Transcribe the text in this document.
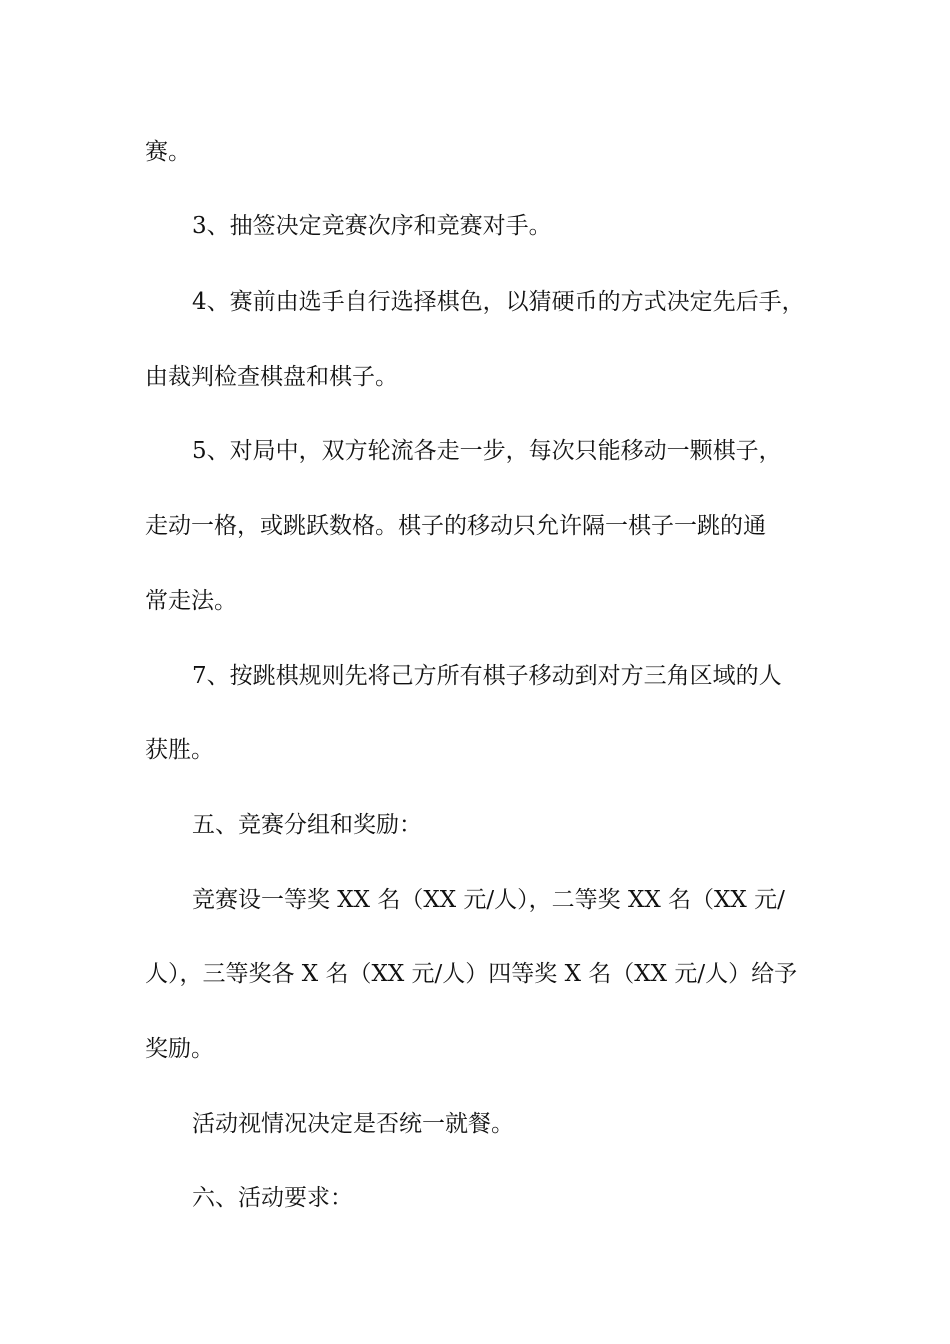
赛。
3、抽签决定竞赛次序和竞赛对手。
4、赛前由选手自行选择棋色，以猜硬币的方式决定先后手，
由裁判检查棋盘和棋子。
5、对局中，双方轮流各走一步，每次只能移动一颗棋子，
走动一格，或跳跃数格。棋子的移动只允许隔一棋子一跳的通
常走法。
7、按跳棋规则先将己方所有棋子移动到对方三角区域的人
获胜。
五、竞赛分组和奖励：
竞赛设一等奖 XX 名（XX 元/人），二等奖 XX 名（XX 元/
人），三等奖各 X 名（XX 元/人）四等奖 X 名（XX 元/人）给予
奖励。
活动视情况决定是否统一就餐。
六、活动要求：
